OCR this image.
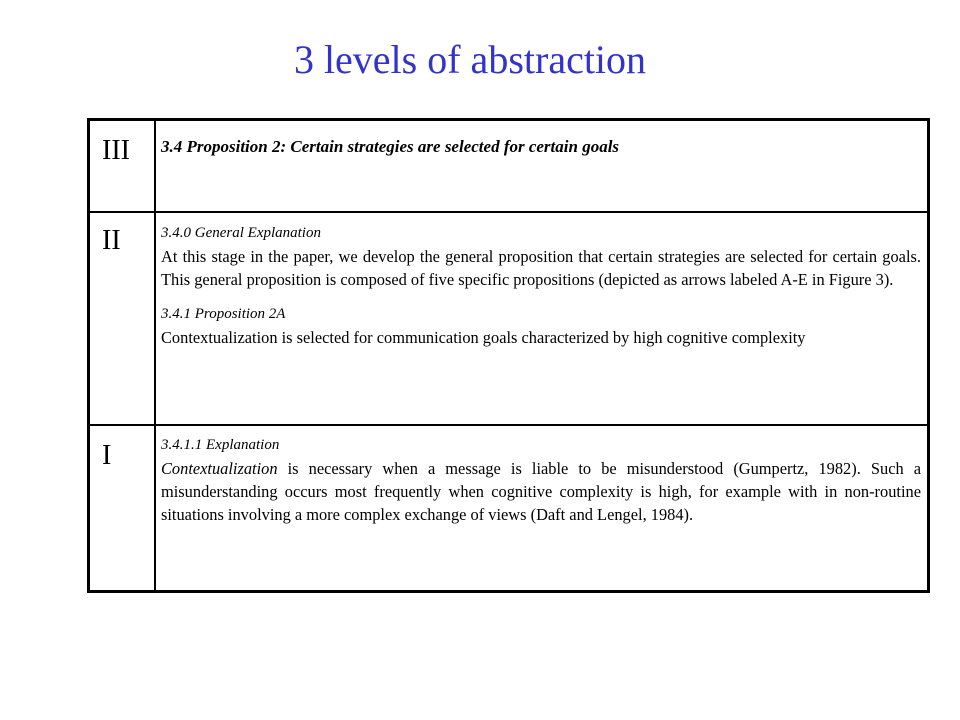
3 levels of abstraction
III 3.4 Proposition 2: Certain strategies are selected for certain goals
II	3.4.0 General Explanation

At this stage in the paper, we develop the general proposition that certain strategies are selected for certain goals. This general proposition is composed of five specific propositions (depicted as arrows labeled A-E in Figure 3).

3.4.1 Proposition 2A

Contextualization is selected for communication goals characterized by high cognitive complexity

I	3.4.1.1 Explanation

Contextualization is necessary when a message is liable to be misunderstood (Gumpertz, 1982). Such a misunderstanding occurs most frequently when cognitive complexity is high, for example with in non-routine situations involving a more complex exchange of views (Daft and Lengel, 1984).
